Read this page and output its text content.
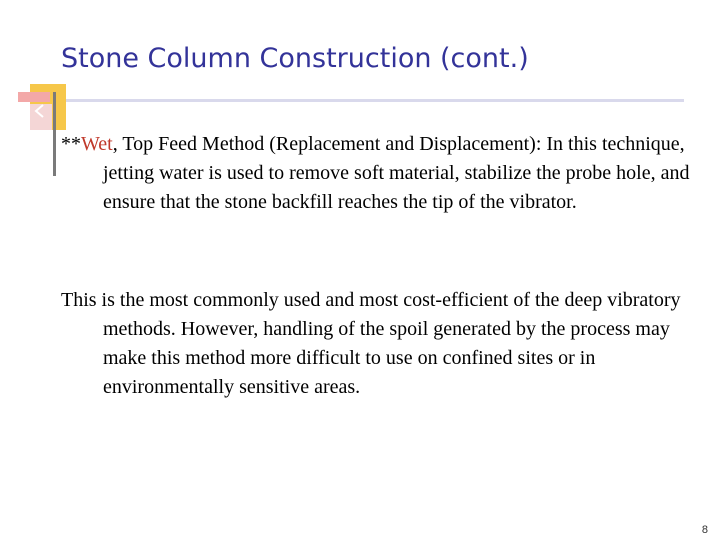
Stone Column Construction (cont.)

**Wet, Top Feed Method (Replacement and Displacement): In this technique, jetting water is used to remove soft material, stabilize the probe hole, and ensure that the stone backfill reaches the tip of the vibrator.

This is the most commonly used and most cost-efficient of the deep vibratory methods. However, handling of the spoil generated by the process may make this method more difficult to use on confined sites or in environmentally sensitive areas.

8
